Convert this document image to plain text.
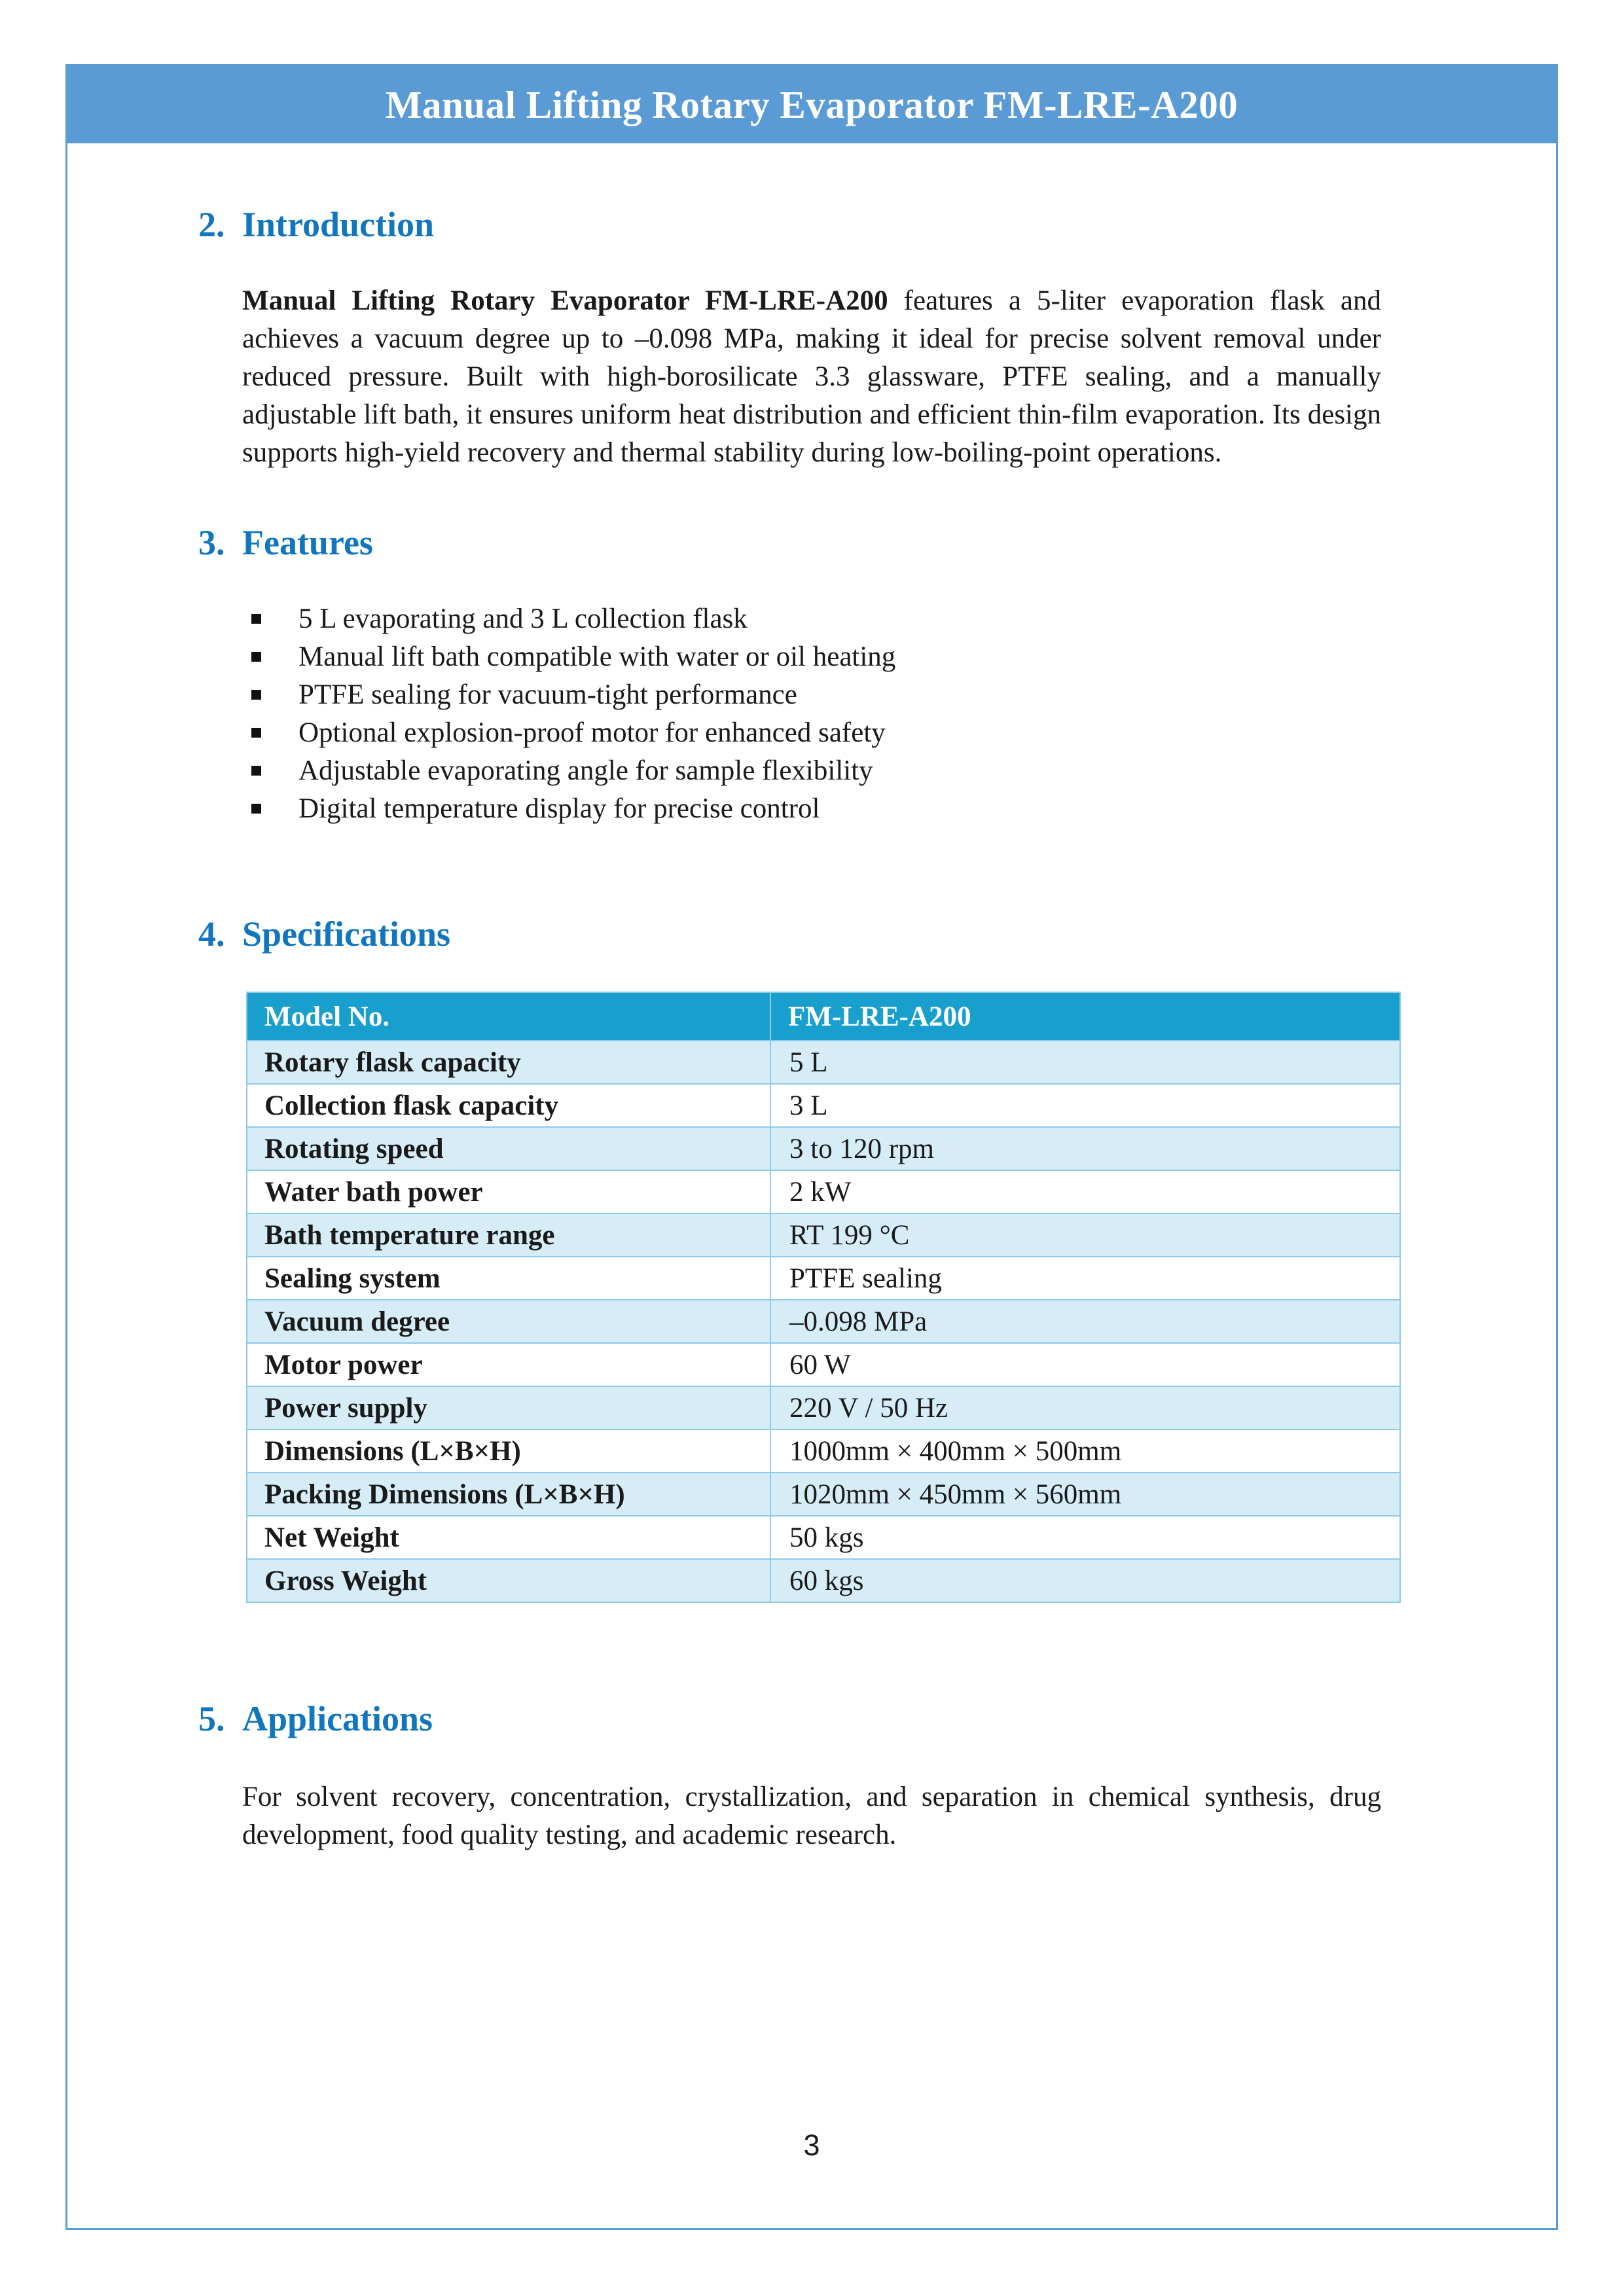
Manual Lifting Rotary Evaporator FM-LRE-A200
2. Introduction

Manual Lifting Rotary Evaporator FM-LRE-A200 features a 5-liter evaporation flask and achieves a vacuum degree up to –0.098 MPa, making it ideal for precise solvent removal under reduced pressure. Built with high-borosilicate 3.3 glassware, PTFE sealing, and a manually adjustable lift bath, it ensures uniform heat distribution and efficient thin-film evaporation. Its design supports high-yield recovery and thermal stability during low-boiling-point operations.

3. Features
5 L evaporating and 3 L collection flask
Manual lift bath compatible with water or oil heating
PTFE sealing for vacuum-tight performance
Optional explosion-proof motor for enhanced safety
Adjustable evaporating angle for sample flexibility
Digital temperature display for precise control
4. Specifications
Model No.	FM-LRE-A200
Rotary flask capacity	5 L
Collection flask capacity	3 L
Rotating speed	3 to 120 rpm
Water bath power	2 kW
Bath temperature range	RT 199 °C
Sealing system	PTFE sealing
Vacuum degree	–0.098 MPa
Motor power	60 W
Power supply	220 V / 50 Hz
Dimensions (L×B×H)	1000mm × 400mm × 500mm
Packing Dimensions (L×B×H)	1020mm × 450mm × 560mm
Net Weight	50 kgs
Gross Weight	60 kgs
5. Applications

For solvent recovery, concentration, crystallization, and separation in chemical synthesis, drug development, food quality testing, and academic research.

3
